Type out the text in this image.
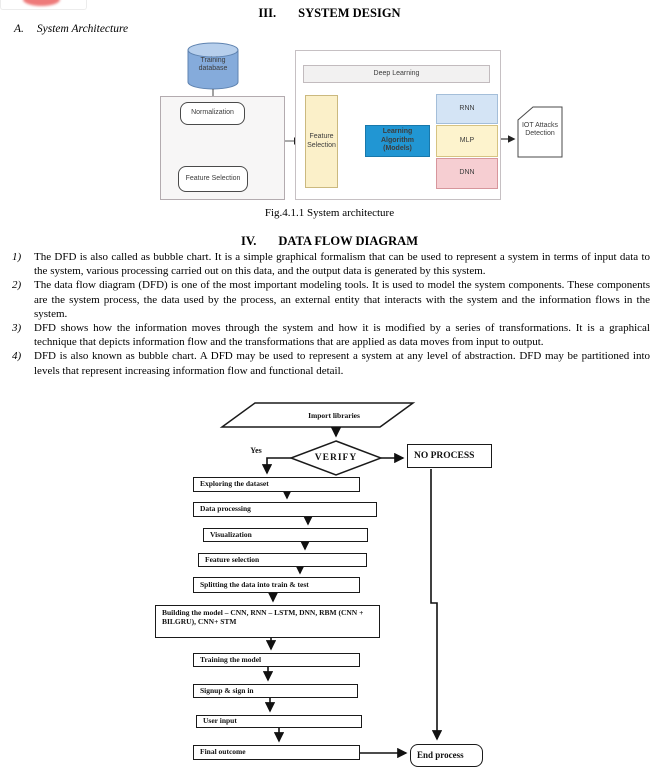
III. SYSTEM DESIGN
A. System Architecture
Training database
Normalization
Feature Selection
Deep Learning
Feature Selection
Learning Algorithm (Models)
RNN
MLP
DNN
IOT Attacks Detection
Fig.4.1.1 System architecture
IV. DATA FLOW DIAGRAM
1)	The DFD is also called as bubble chart. It is a simple graphical formalism that can be used to represent a system in terms of input data to the system, various processing carried out on this data, and the output data is generated by this system.
2)	The data flow diagram (DFD) is one of the most important modeling tools. It is used to model the system components. These components are the system process, the data used by the process, an external entity that interacts with the system and the information flows in the system.
3)	DFD shows how the information moves through the system and how it is modified by a series of transformations. It is a graphical technique that depicts information flow and the transformations that are applied as data moves from input to output.
4)	DFD is also known as bubble chart. A DFD may be used to represent a system at any level of abstraction. DFD may be partitioned into levels that represent increasing information flow and functional detail.
Import libraries
VERIFY
Yes
NO PROCESS
Exploring the dataset
Data processing
Visualization
Feature selection
Splitting the data into train & test
Building the model – CNN, RNN – LSTM, DNN, RBM (CNN + BILGRU), CNN+ STM
Training the model
Signup & sign in
User input
Final outcome	End process
